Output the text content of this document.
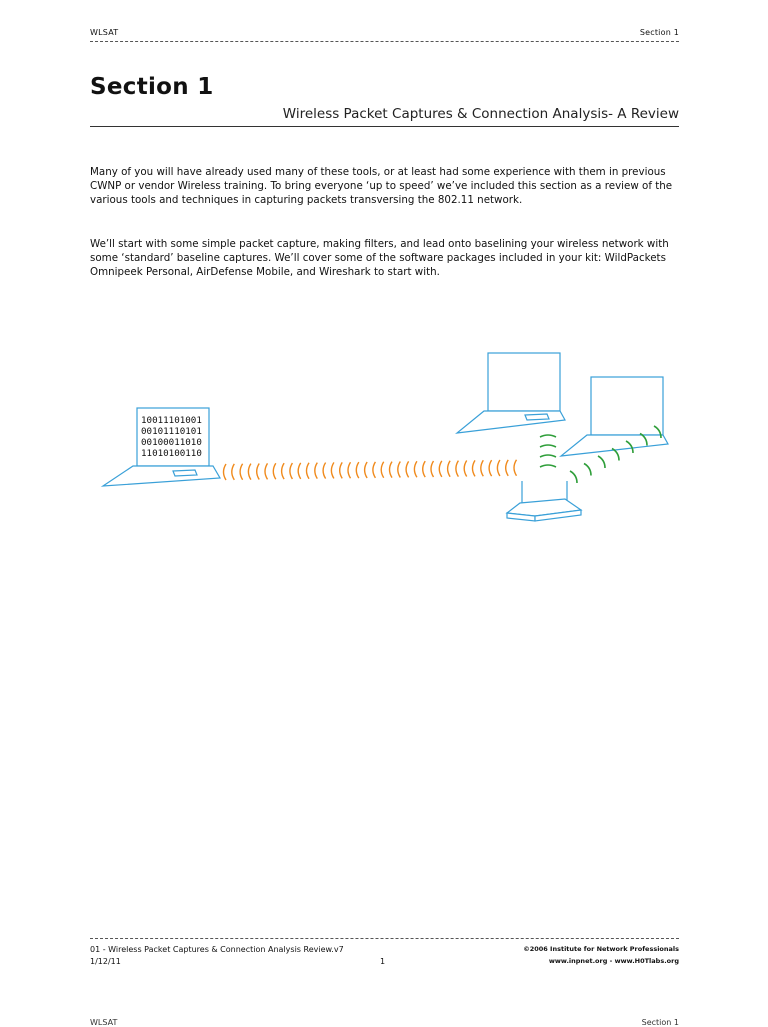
WLSAT	Section 1
Section 1
Wireless Packet Captures & Connection Analysis- A Review

Many of you will have already used many of these tools, or at least had some experience with them in previous CWNP or vendor Wireless training. To bring everyone ‘up to speed’ we’ve included this section as a review of the various tools and techniques in capturing packets transversing the 802.11 network.

We’ll start with some simple packet capture, making filters, and lead onto baselining your wireless network with some ‘standard’ baseline captures. We’ll cover some of the software packages included in your kit: WildPackets Omnipeek Personal, AirDefense Mobile, and Wireshark to start with.

10011101001
00101110101
00100011010
11010100110
01 - Wireless Packet Captures & Connection Analysis Review.v7	©2006 Institute for Network Professionals
1/12/11	1	www.inpnet.org - www.H0Tlabs.org
WLSAT	Section 1
